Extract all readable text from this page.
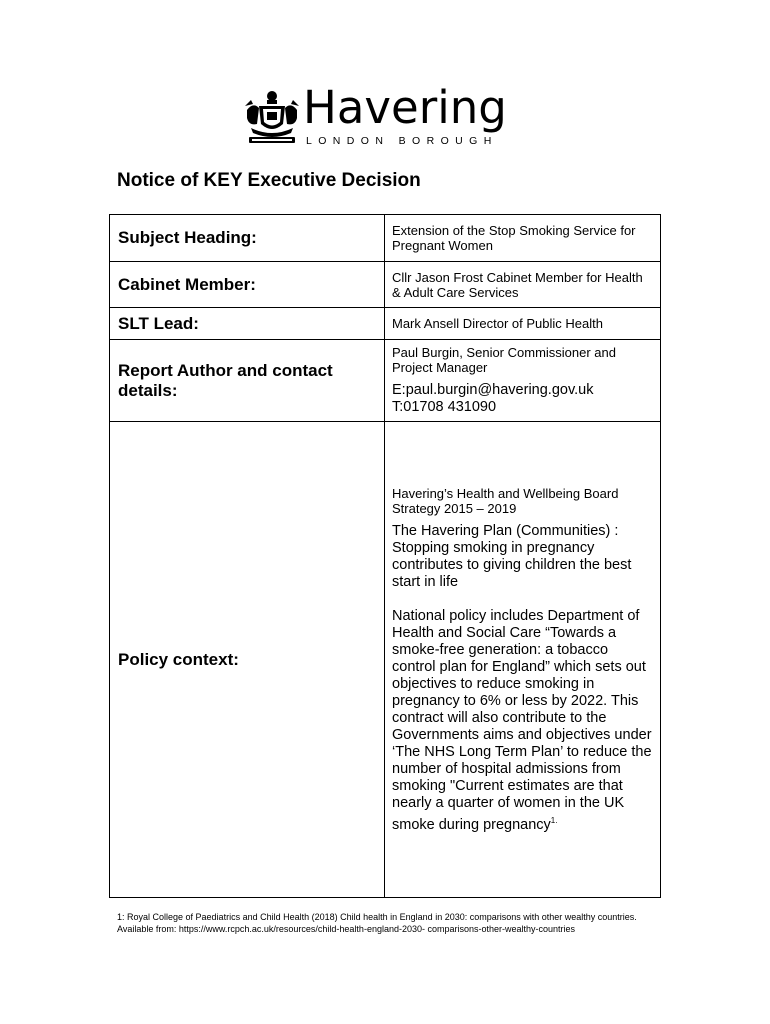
Havering
LONDON BOROUGH
Notice of KEY Executive Decision
Subject Heading:	Extension of the Stop Smoking Service for Pregnant Women
Cabinet Member:	Cllr Jason Frost Cabinet Member for Health & Adult Care Services
SLT Lead:	Mark Ansell Director of Public Health
Report Author and contact details:	Paul Burgin, Senior Commissioner and Project Manager
E:paul.burgin@havering.gov.uk
T:01708 431090

Policy context:	Havering’s Health and Wellbeing Board Strategy 2015 – 2019
The Havering Plan (Communities) : Stopping smoking in pregnancy contributes to giving children the best start in life
National policy includes Department of Health and Social Care “Towards a smoke-free generation: a tobacco control plan for England” which sets out objectives to reduce smoking in pregnancy to 6% or less by 2022. This contract will also contribute to the Governments aims and objectives under ‘The NHS Long Term Plan’ to reduce the number of hospital admissions from smoking "Current estimates are that nearly a quarter of women in the UK smoke during pregnancy$^{1.}$
1: Royal College of Paediatrics and Child Health (2018) Child health in England in 2030: comparisons with other wealthy countries. Available from: https://www.rcpch.ac.uk/resources/child-health-england-2030- comparisons-other-wealthy-countries
